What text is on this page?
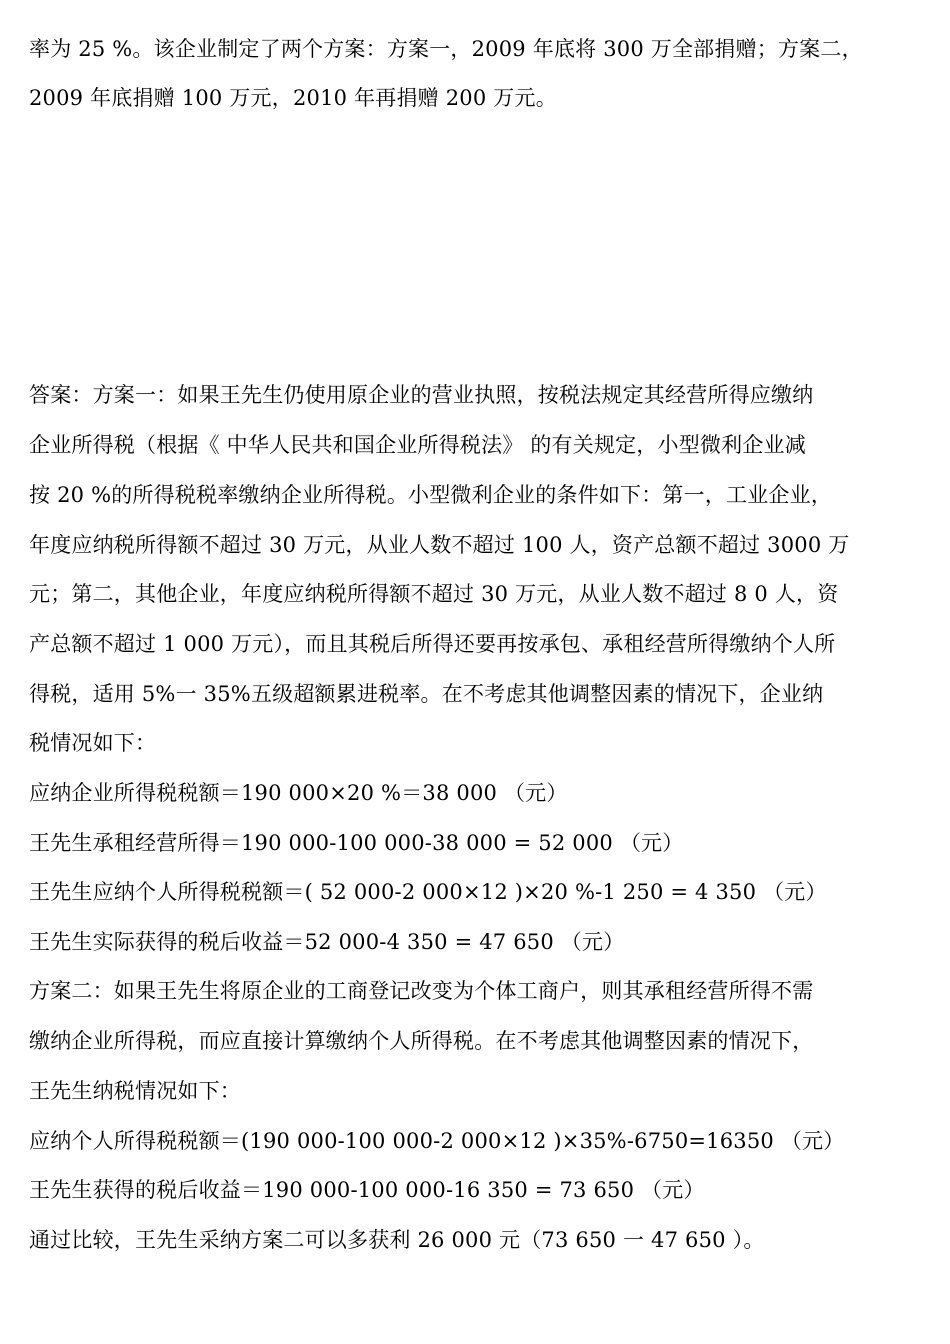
率为 25 %。该企业制定了两个方案：方案一，2009 年底将 300 万全部捐赠；方案二，
2009 年底捐赠 100 万元，2010 年再捐赠 200 万元。
答案：方案一：如果王先生仍使用原企业的营业执照，按税法规定其经营所得应缴纳
企业所得税（根据《 中华人民共和国企业所得税法》 的有关规定，小型微利企业减
按 20 %的所得税税率缴纳企业所得税。小型微利企业的条件如下：第一，工业企业，
年度应纳税所得额不超过 30 万元，从业人数不超过 100 人，资产总额不超过 3000 万
元；第二，其他企业，年度应纳税所得额不超过 30 万元，从业人数不超过 8 0 人，资
产总额不超过 1 000 万元），而且其税后所得还要再按承包、承租经营所得缴纳个人所
得税，适用 5%一 35%五级超额累进税率。在不考虑其他调整因素的情况下，企业纳
税情况如下：
应纳企业所得税税额＝190 000×20 %＝38 000 （元）
王先生承租经营所得＝190 000-100 000-38 000 = 52 000 （元）
王先生应纳个人所得税税额＝( 52 000-2 000×12 )×20 %-1 250 = 4 350 （元）
王先生实际获得的税后收益＝52 000-4 350 = 47 650 （元）
方案二：如果王先生将原企业的工商登记改变为个体工商户，则其承租经营所得不需
缴纳企业所得税，而应直接计算缴纳个人所得税。在不考虑其他调整因素的情况下，
王先生纳税情况如下：
应纳个人所得税税额＝(190 000-100 000-2 000×12 )×35%-6750=16350 （元）
王先生获得的税后收益＝190 000-100 000-16 350 = 73 650 （元）
通过比较，王先生采纳方案二可以多获利 26 000 元（73 650 一 47 650 ）。
